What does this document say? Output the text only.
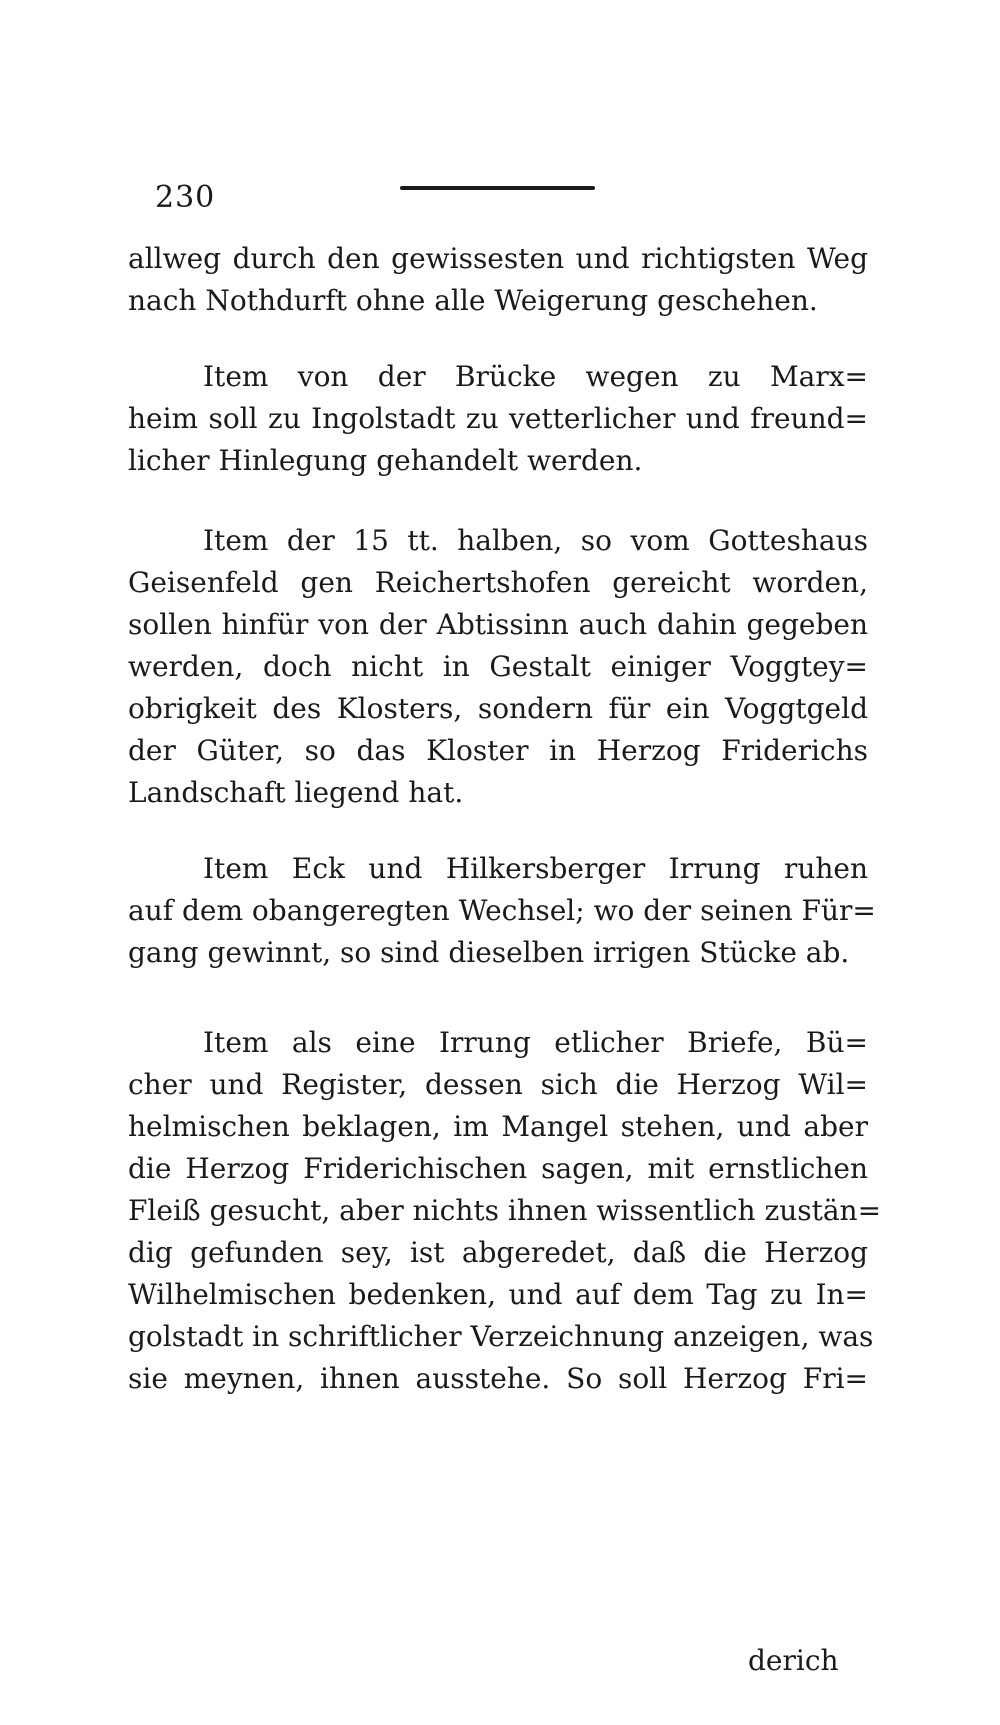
230
allweg durch den gewissesten und richtigsten Weg
nach Nothdurft ohne alle Weigerung geschehen.
Item von der Brücke wegen zu Marx=
heim soll zu Ingolstadt zu vetterlicher und freund=
licher Hinlegung gehandelt werden.
Item der 15 tt. halben, so vom Gotteshaus
Geisenfeld gen Reichertshofen gereicht worden,
sollen hinfür von der Abtissinn auch dahin gegeben
werden, doch nicht in Gestalt einiger Voggtey=
obrigkeit des Klosters, sondern für ein Voggtgeld
der Güter, so das Kloster in Herzog Friderichs
Landschaft liegend hat.
Item Eck und Hilkersberger Irrung ruhen
auf dem obangeregten Wechsel; wo der seinen Für=
gang gewinnt, so sind dieselben irrigen Stücke ab.
Item als eine Irrung etlicher Briefe, Bü=
cher und Register, dessen sich die Herzog Wil=
helmischen beklagen, im Mangel stehen, und aber
die Herzog Friderichischen sagen, mit ernstlichen
Fleiß gesucht, aber nichts ihnen wissentlich zustän=
dig gefunden sey, ist abgeredet, daß die Herzog
Wilhelmischen bedenken, und auf dem Tag zu In=
golstadt in schriftlicher Verzeichnung anzeigen, was
sie meynen, ihnen ausstehe. So soll Herzog Fri=
derich
